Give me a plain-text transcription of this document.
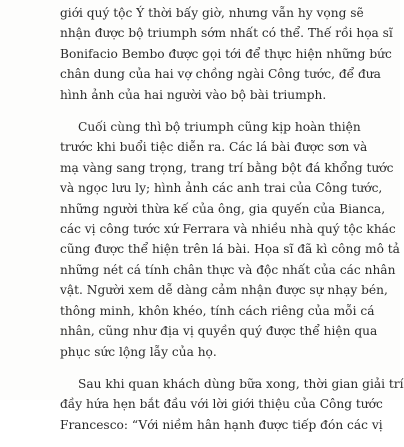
giới quý tộc Ý thời bấy giờ, nhưng vẫn hy vọng sẽ
nhận được bộ triumph sớm nhất có thể. Thế rồi họa sĩ
Bonifacio Bembo được gọi tới để thực hiện những bức
chân dung của hai vợ chồng ngài Công tước, để đưa
hình ảnh của hai người vào bộ bài triumph.

Cuối cùng thì bộ triumph cũng kịp hoàn thiện
trước khi buổi tiệc diễn ra. Các lá bài được sơn và
mạ vàng sang trọng, trang trí bằng bột đá khổng tước
và ngọc lưu ly; hình ảnh các anh trai của Công tước,
những người thừa kế của ông, gia quyến của Bianca,
các vị công tước xứ Ferrara và nhiều nhà quý tộc khác
cũng được thể hiện trên lá bài. Họa sĩ đã kì công mô tả
những nét cá tính chân thực và độc nhất của các nhân
vật. Người xem dễ dàng cảm nhận được sự nhạy bén,
thông minh, khôn khéo, tính cách riêng của mỗi cá
nhân, cũng như địa vị quyền quý được thể hiện qua
phục sức lộng lẫy của họ.

Sau khi quan khách dùng bữa xong, thời gian giải trí
đầy hứa hẹn bắt đầu với lời giới thiệu của Công tước
Francesco: “Với niềm hân hạnh được tiếp đón các vị
